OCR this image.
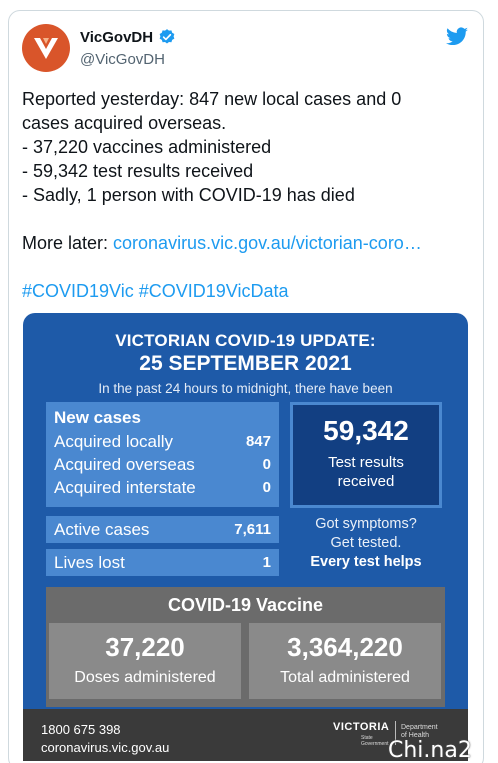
VicGovDH
@VicGovDH
Reported yesterday: 847 new local cases and 0
cases acquired overseas.
- 37,220 vaccines administered
- 59,342 test results received
- Sadly, 1 person with COVID-19 has died
More later: coronavirus.vic.gov.au/victorian-coro…
#COVID19Vic #COVID19VicData
VICTORIAN COVID-19 UPDATE:
25 SEPTEMBER 2021
In the past 24 hours to midnight, there have been
New cases
Acquired locally	847
Acquired overseas	0
Acquired interstate	0
Active cases	7,611
Lives lost	1
59,342
Test results
received
Got symptoms?
Get tested.
Every test helps
COVID-19 Vaccine
37,220
Doses administered
3,364,220
Total administered
1800 675 398
coronavirus.vic.gov.au
VICTORIA
State
Government
Department
of Health
Chi.na2
